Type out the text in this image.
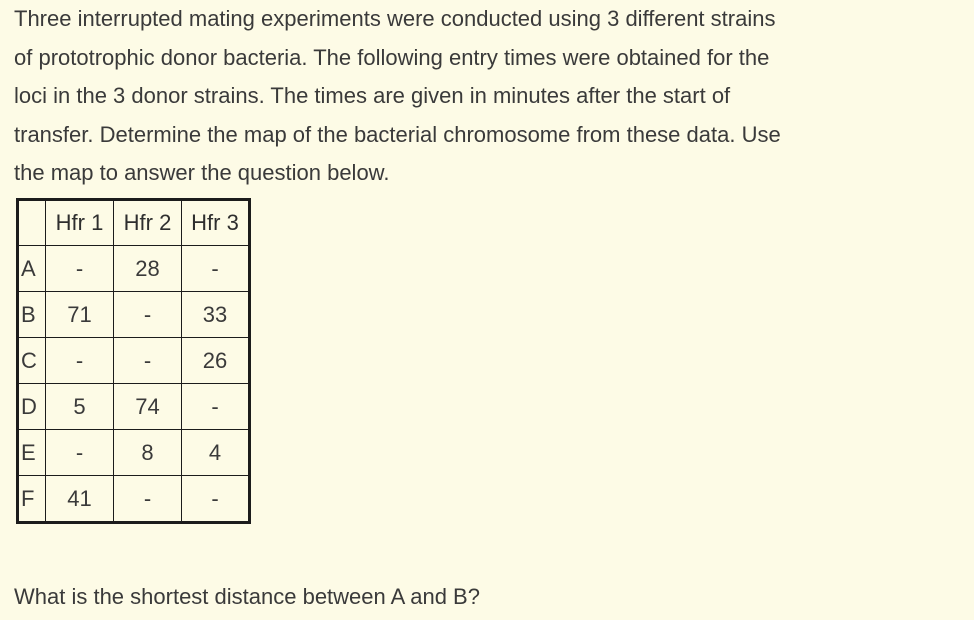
Three interrupted mating experiments were conducted using 3 different strains
of prototrophic donor bacteria. The following entry times were obtained for the
loci in the 3 donor strains. The times are given in minutes after the start of
transfer. Determine the map of the bacterial chromosome from these data. Use
the map to answer the question below.
	Hfr 1	Hfr 2	Hfr 3
A	-	28	-
B	71	-	33
C	-	-	26
D	5	74	-
E	-	8	4
F	41	-	-

What is the shortest distance between A and B?
